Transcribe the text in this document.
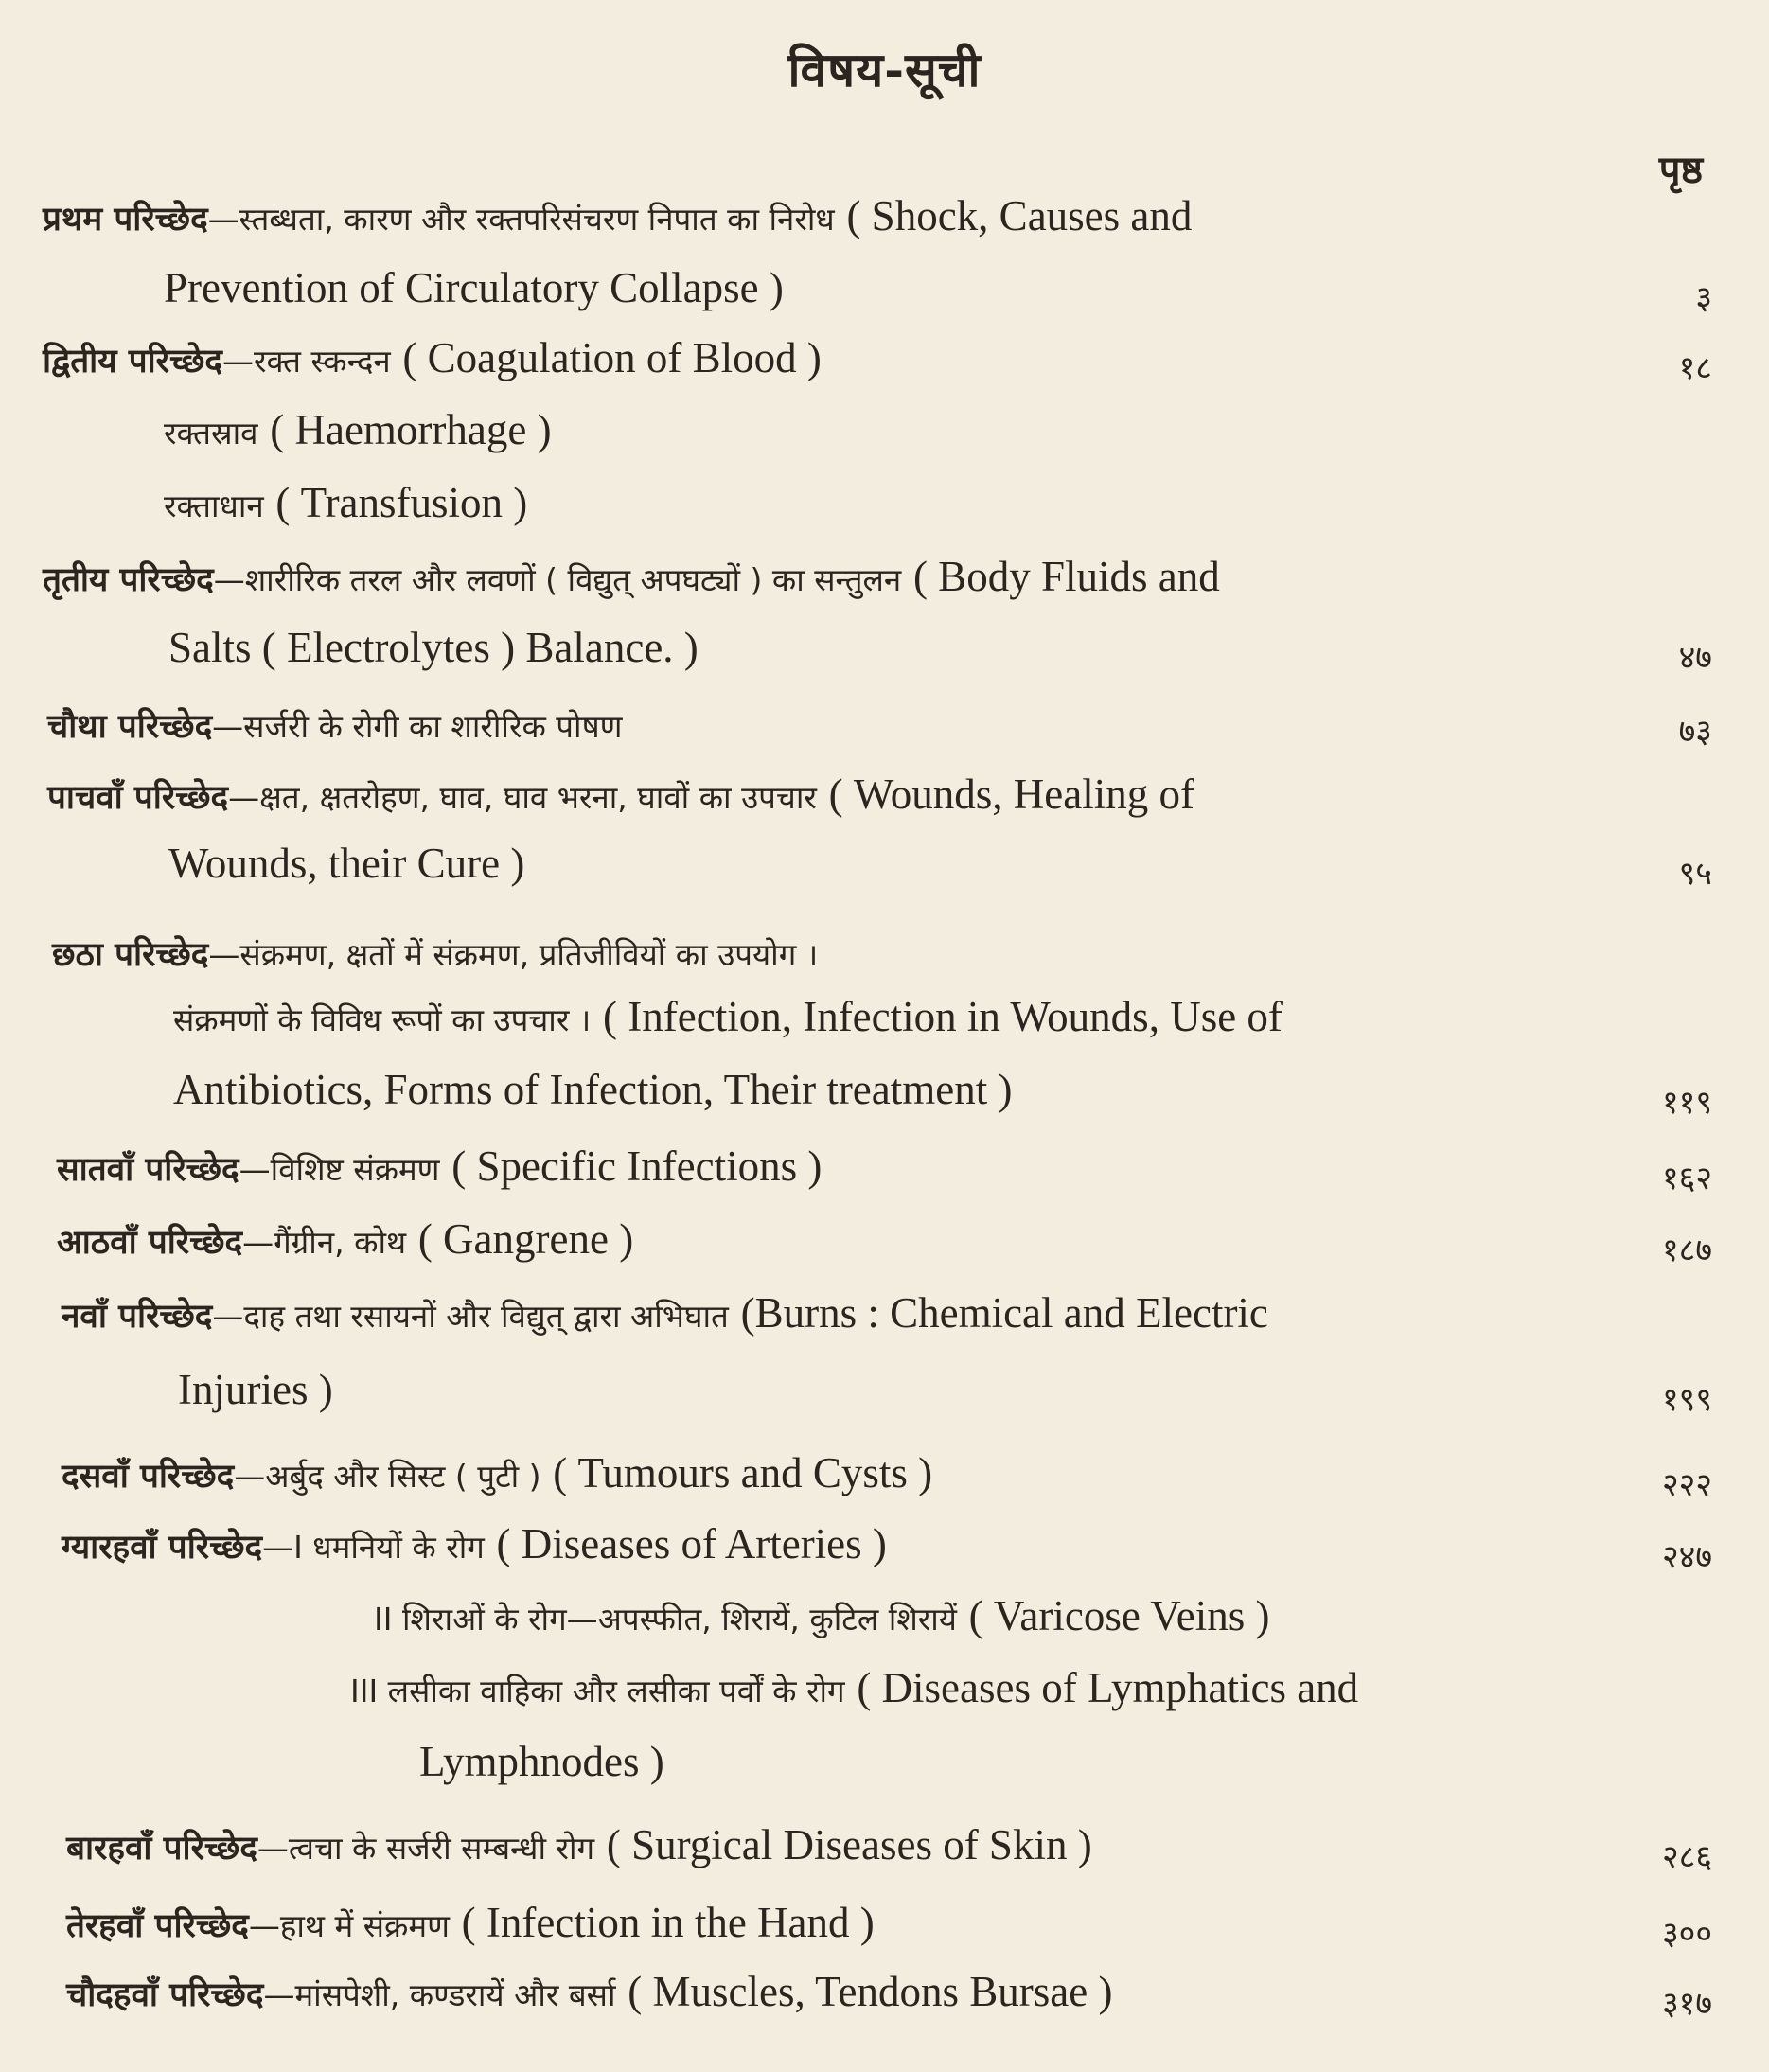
विषय-सूची
पृष्ठ
प्रथम परिच्छेद—स्तब्धता, कारण और रक्तपरिसंचरण निपात का निरोध ( Shock, Causes and
Prevention of Circulatory Collapse )	३
द्वितीय परिच्छेद—रक्त स्कन्दन ( Coagulation of Blood )	१८
रक्तस्राव ( Haemorrhage )
रक्ताधान ( Transfusion )
तृतीय परिच्छेद—शारीरिक तरल और लवणों ( विद्युत् अपघट्यों ) का सन्तुलन ( Body Fluids and
Salts ( Electrolytes ) Balance. )	४७
चौथा परिच्छेद—सर्जरी के रोगी का शारीरिक पोषण	७३
पाचवाँ परिच्छेद—क्षत, क्षतरोहण, घाव, घाव भरना, घावों का उपचार ( Wounds, Healing of
Wounds, their Cure )	९५
छठा परिच्छेद—संक्रमण, क्षतों में संक्रमण, प्रतिजीवियों का उपयोग ।
संक्रमणों के विविध रूपों का उपचार । ( Infection, Infection in Wounds, Use of
Antibiotics, Forms of Infection, Their treatment )	११९
सातवाँ परिच्छेद—विशिष्ट संक्रमण ( Specific Infections )	१६२
आठवाँ परिच्छेद—गैंग्रीन, कोथ ( Gangrene )	१८७
नवाँ परिच्छेद—दाह तथा रसायनों और विद्युत् द्वारा अभिघात (Burns : Chemical and Electric
Injuries )	१९९
दसवाँ परिच्छेद—अर्बुद और सिस्ट ( पुटी ) ( Tumours and Cysts )	२२२
ग्यारहवाँ परिच्छेद—I धमनियों के रोग ( Diseases of Arteries )	२४७
II शिराओं के रोग—अपस्फीत, शिरायें, कुटिल शिरायें ( Varicose Veins )
III लसीका वाहिका और लसीका पर्वों के रोग ( Diseases of Lymphatics and
Lymphnodes )
बारहवाँ परिच्छेद—त्वचा के सर्जरी सम्बन्धी रोग ( Surgical Diseases of Skin )	२८६
तेरहवाँ परिच्छेद—हाथ में संक्रमण ( Infection in the Hand )	३००
चौदहवाँ परिच्छेद—मांसपेशी, कण्डरायें और बर्सा ( Muscles, Tendons Bursae )	३१७
